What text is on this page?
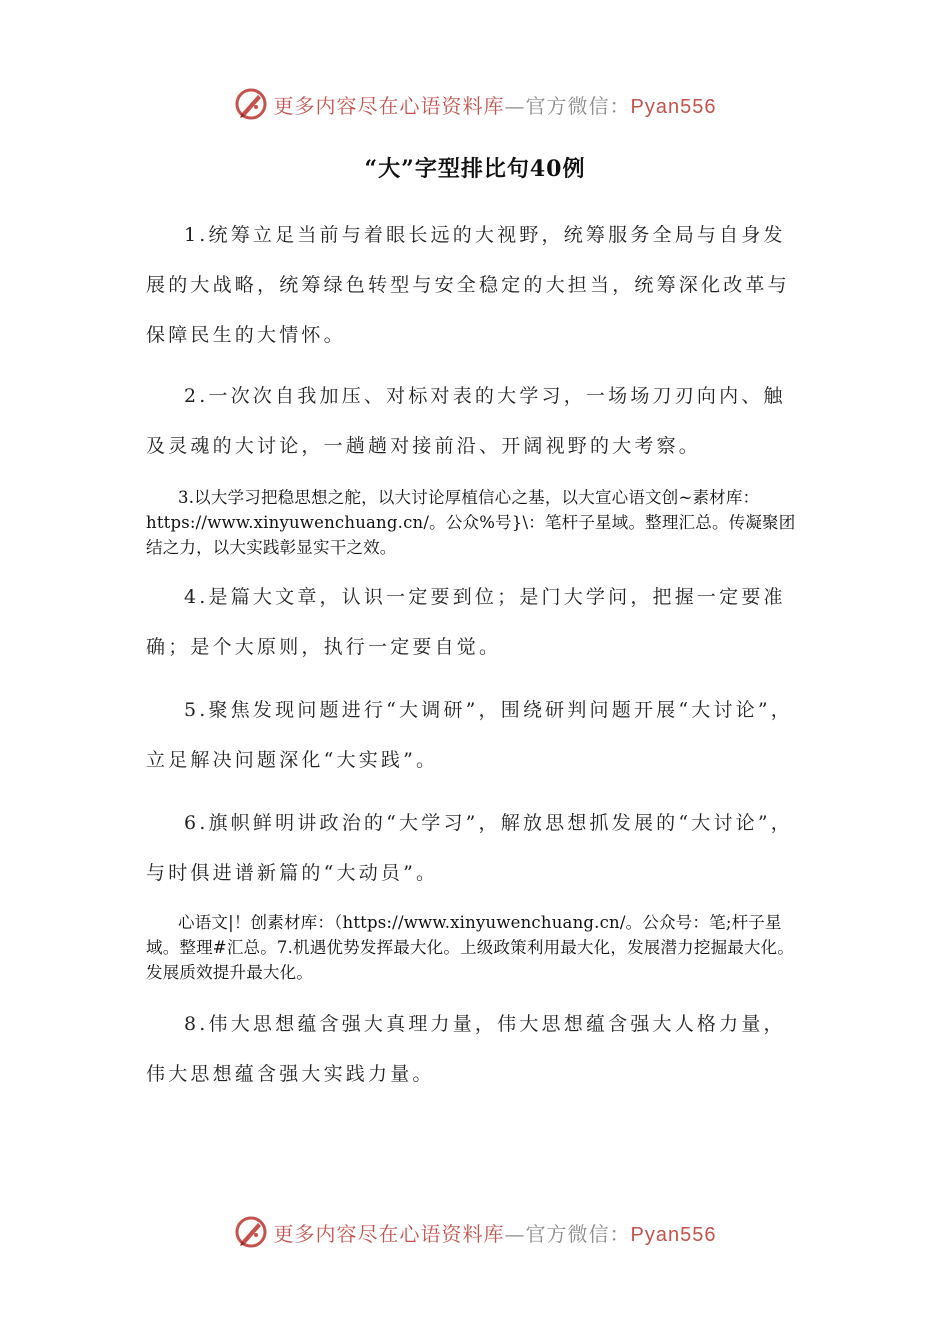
更多内容尽在心语资料库—官方微信：Pyan556
“大”字型排比句40例

1.统筹立足当前与着眼长远的大视野，统筹服务全局与自身发展的大战略，统筹绿色转型与安全稳定的大担当，统筹深化改革与保障民生的大情怀。

2.一次次自我加压、对标对表的大学习，一场场刀刃向内、触及灵魂的大讨论，一趟趟对接前沿、开阔视野的大考察。

3.以大学习把稳思想之舵，以大讨论厚植信心之基，以大宣心语文创~素材库：https://www.xinyuwenchuang.cn/。公众%号}\：笔杆子星域。整理汇总。传凝聚团结之力，以大实践彰显实干之效。

4.是篇大文章，认识一定要到位；是门大学问，把握一定要准确；是个大原则，执行一定要自觉。

5.聚焦发现问题进行“大调研”，围绕研判问题开展“大讨论”，立足解决问题深化“大实践”。

6.旗帜鲜明讲政治的“大学习”，解放思想抓发展的“大讨论”，与时俱进谱新篇的“大动员”。

心语文|！创素材库：（https://www.xinyuwenchuang.cn/。公众号：笔;杆子星域。整理#汇总。7.机遇优势发挥最大化。上级政策利用最大化，发展潜力挖掘最大化。发展质效提升最大化。

8.伟大思想蕴含强大真理力量，伟大思想蕴含强大人格力量，伟大思想蕴含强大实践力量。

更多内容尽在心语资料库—官方微信：Pyan556
